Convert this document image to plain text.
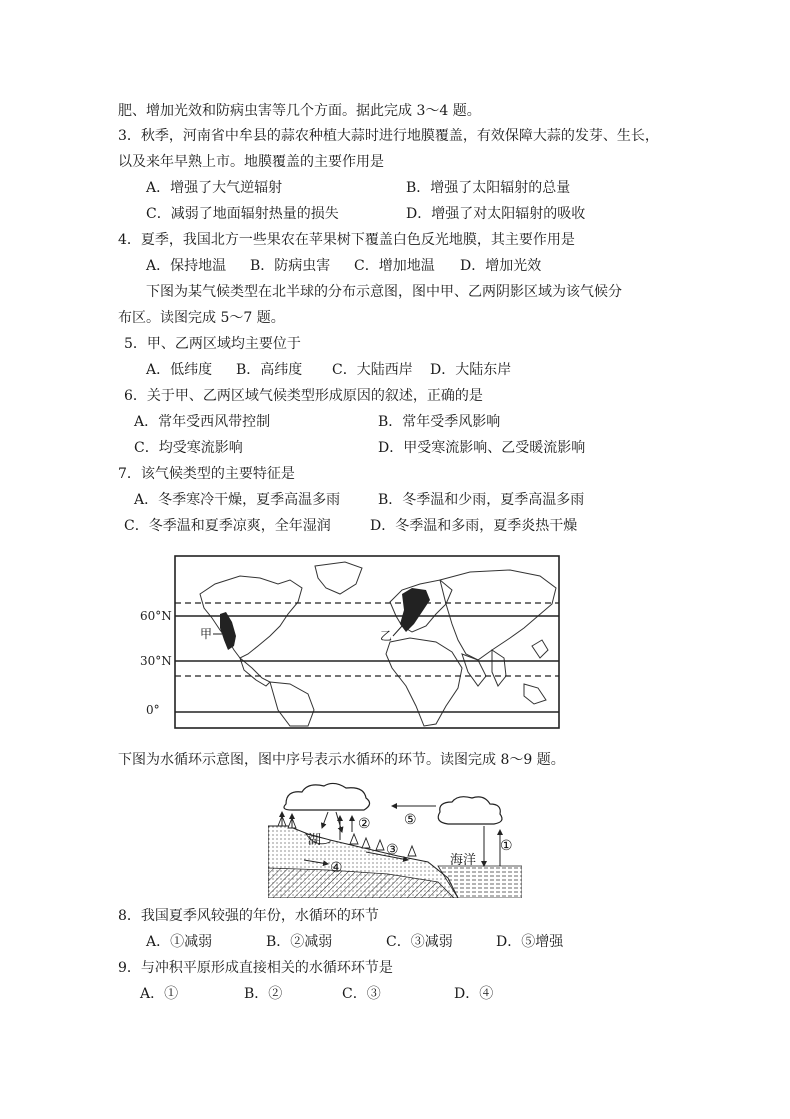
肥、增加光效和防病虫害等几个方面。据此完成 3～4 题。
3．秋季，河南省中牟县的蒜农种植大蒜时进行地膜覆盖，有效保障大蒜的发芽、生长，
以及来年早熟上市。地膜覆盖的主要作用是
A．增强了大气逆辐射	B．增强了太阳辐射的总量
C．减弱了地面辐射热量的损失	D．增强了对太阳辐射的吸收
4．夏季，我国北方一些果农在苹果树下覆盖白色反光地膜，其主要作用是
A．保持地温 B．防病虫害 C．增加地温 D．增加光效
下图为某气候类型在北半球的分布示意图，图中甲、乙两阴影区域为该气候分
布区。读图完成 5～7 题。
5．甲、乙两区域均主要位于
A．低纬度 B．高纬度 C．大陆西岸 D．大陆东岸
6．关于甲、乙两区域气候类型形成原因的叙述，正确的是
A．常年受西风带控制	B．常年受季风影响
C．均受寒流影响	D．甲受寒流影响、乙受暖流影响
7．该气候类型的主要特征是
A．冬季寒冷干燥，夏季高温多雨	B．冬季温和少雨，夏季高温多雨
C．冬季温和夏季凉爽，全年湿润	D．冬季温和多雨，夏季炎热干燥
60°N
30°N
0°
甲	乙
下图为水循环示意图，图中序号表示水循环的环节。读图完成 8～9 题。
湖
海洋
①
②
③
④
⑤
8．我国夏季风较强的年份，水循环的环节
A．①减弱	B．②减弱	C．③减弱	D．⑤增强
9．与冲积平原形成直接相关的水循环环节是
A．①	B．②	C．③	D．④
